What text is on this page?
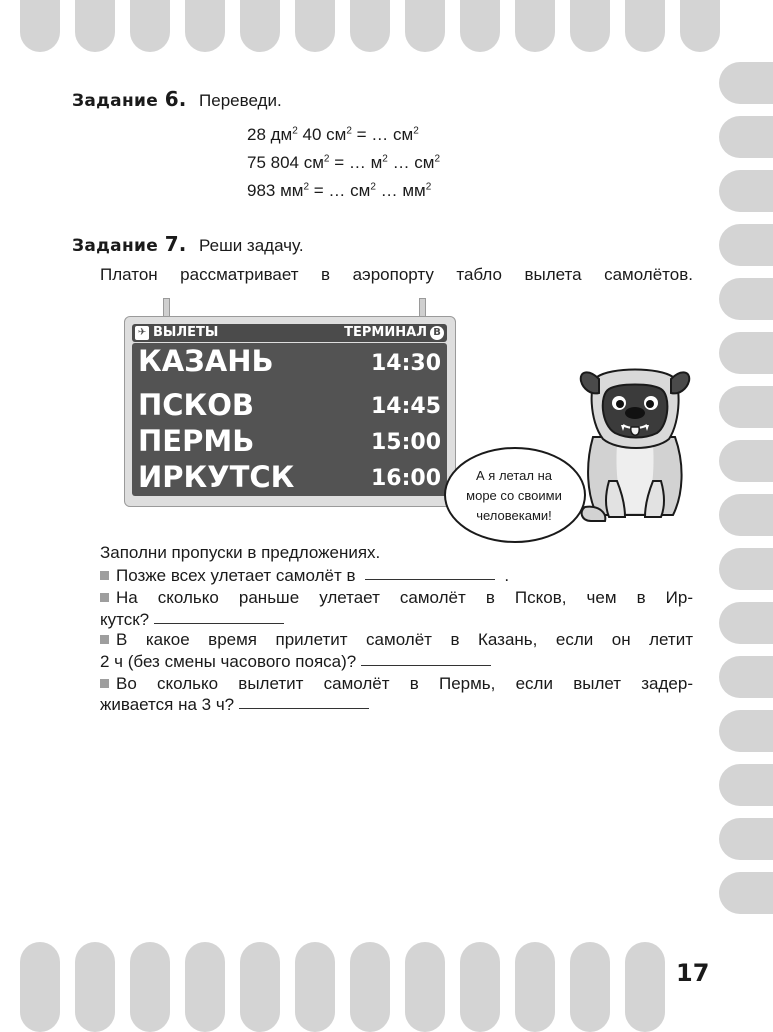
Задание 6. Переведи.
28 $дм^2$ 40 $см^2$ = … $см^2$
75 804 $см^2$ = … $м^2$ … $см^2$
983 $мм^2$ = … $см^2$ … $мм^2$
Задание 7. Реши задачу.
Платон рассматривает в аэропорту табло вылета самолётов.
✈ ВЫЛЕТЫ	ТЕРМИНАЛ B
КАЗАНЬ	14:30
ПСКОВ	14:45
ПЕРМЬ	15:00
ИРКУТСК	16:00	А я летал на
море со своими
человеками!
Заполни пропуски в предложениях.
Позже всех улетает самолёт в	.
На сколько раньше улетает самолёт в Псков, чем в Ир-
кутск?
В какое время прилетит самолёт в Казань, если он летит
2 ч (без смены часового пояса)?
Во сколько вылетит самолёт в Пермь, если вылет задер-
живается на 3 ч?
17
